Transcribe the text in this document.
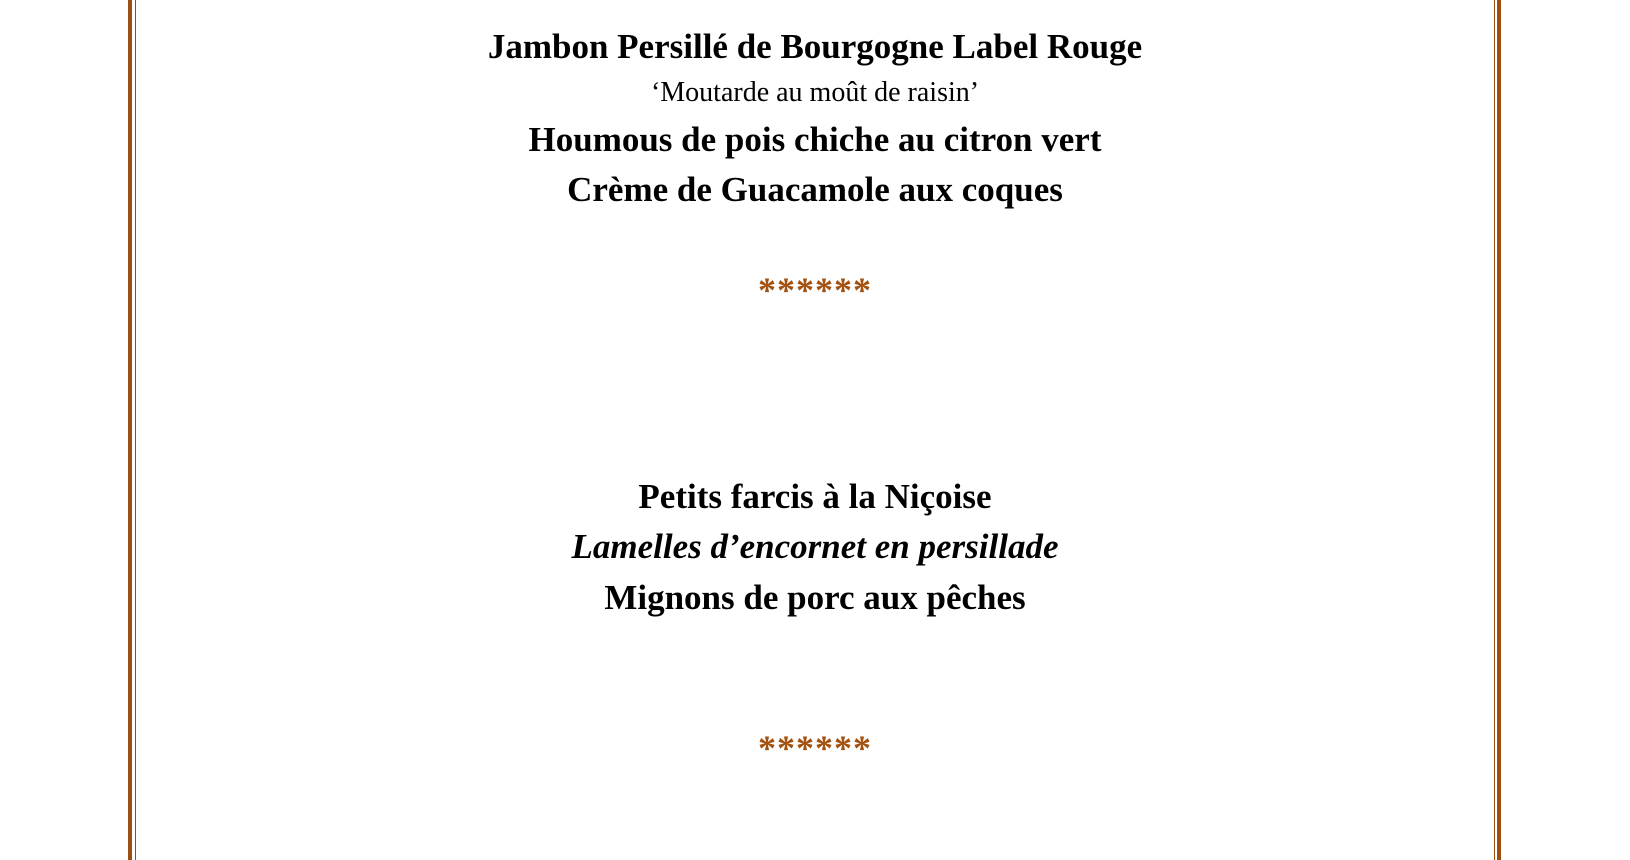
Jambon Persillé de Bourgogne Label Rouge
‘Moutarde au moût de raisin’
Houmous de pois chiche au citron vert
Crème de Guacamole aux coques
******
Petits farcis à la Niçoise
Lamelles d’encornet en persillade
Mignons de porc aux pêches
******
